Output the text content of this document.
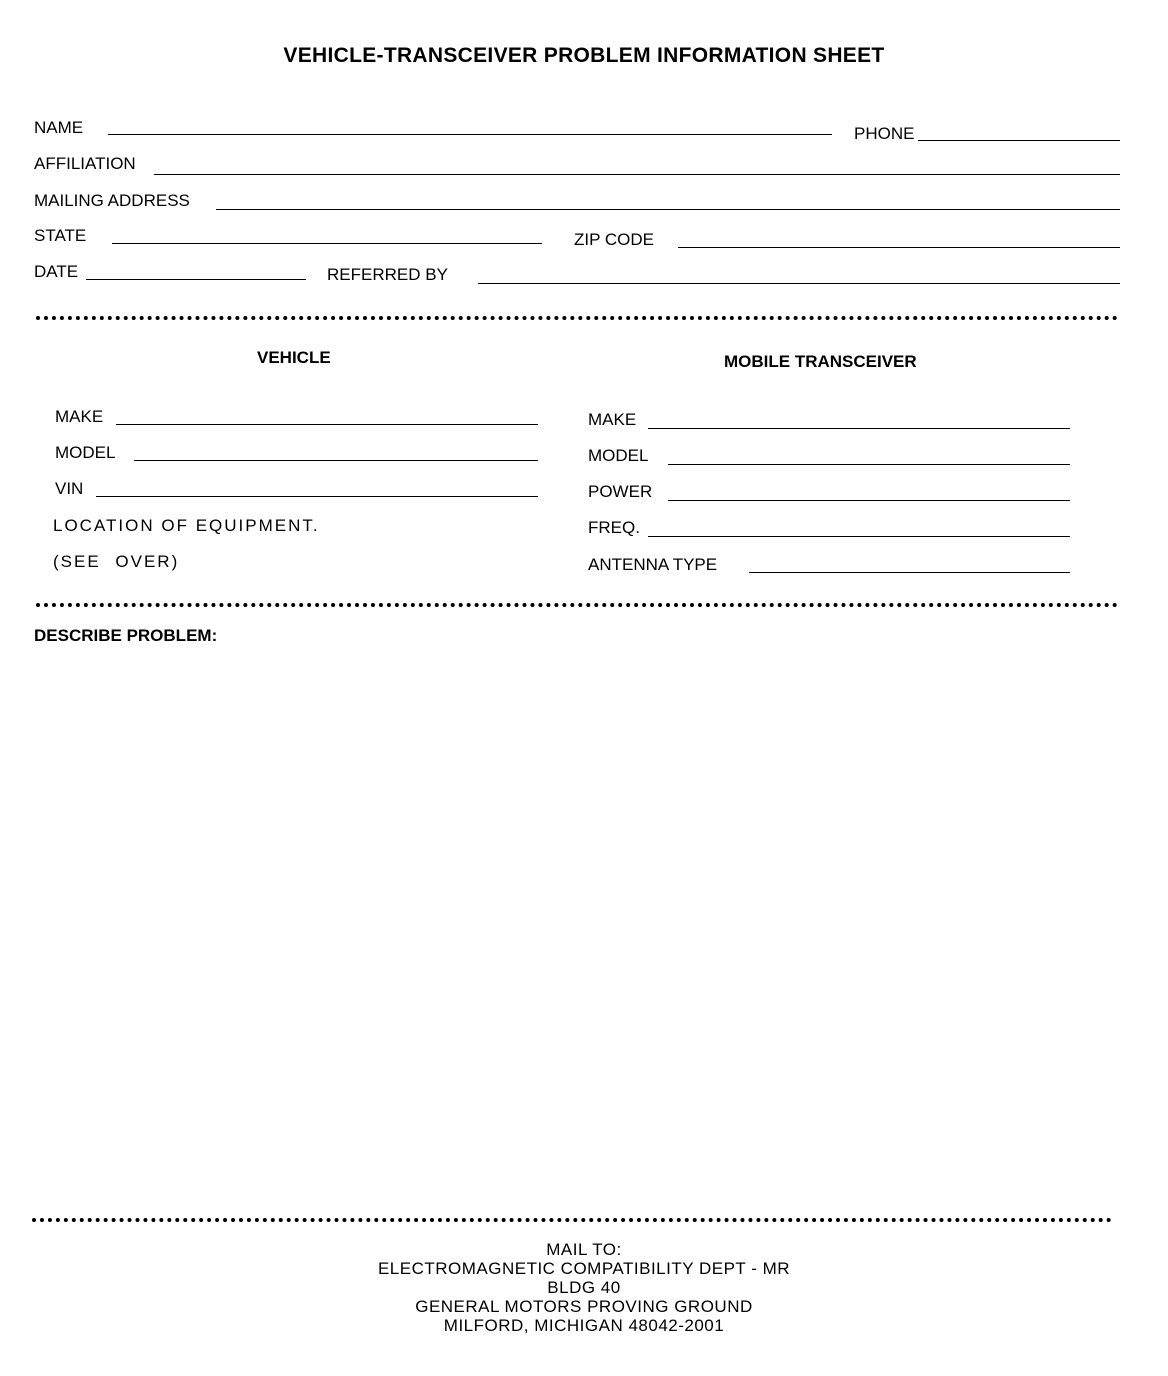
VEHICLE-TRANSCEIVER PROBLEM INFORMATION SHEET
NAME	PHONE
AFFILIATION
MAILING ADDRESS
STATE	ZIP CODE
DATE	REFERRED BY
VEHICLE
MAKE
MODEL
VIN
LOCATION OF EQUIPMENT.
(SEE OVER)
MOBILE TRANSCEIVER
MAKE
MODEL
POWER
FREQ.
ANTENNA TYPE
DESCRIBE PROBLEM:
MAIL TO:
ELECTROMAGNETIC COMPATIBILITY DEPT - MR
BLDG 40
GENERAL MOTORS PROVING GROUND
MILFORD, MICHIGAN 48042-2001
